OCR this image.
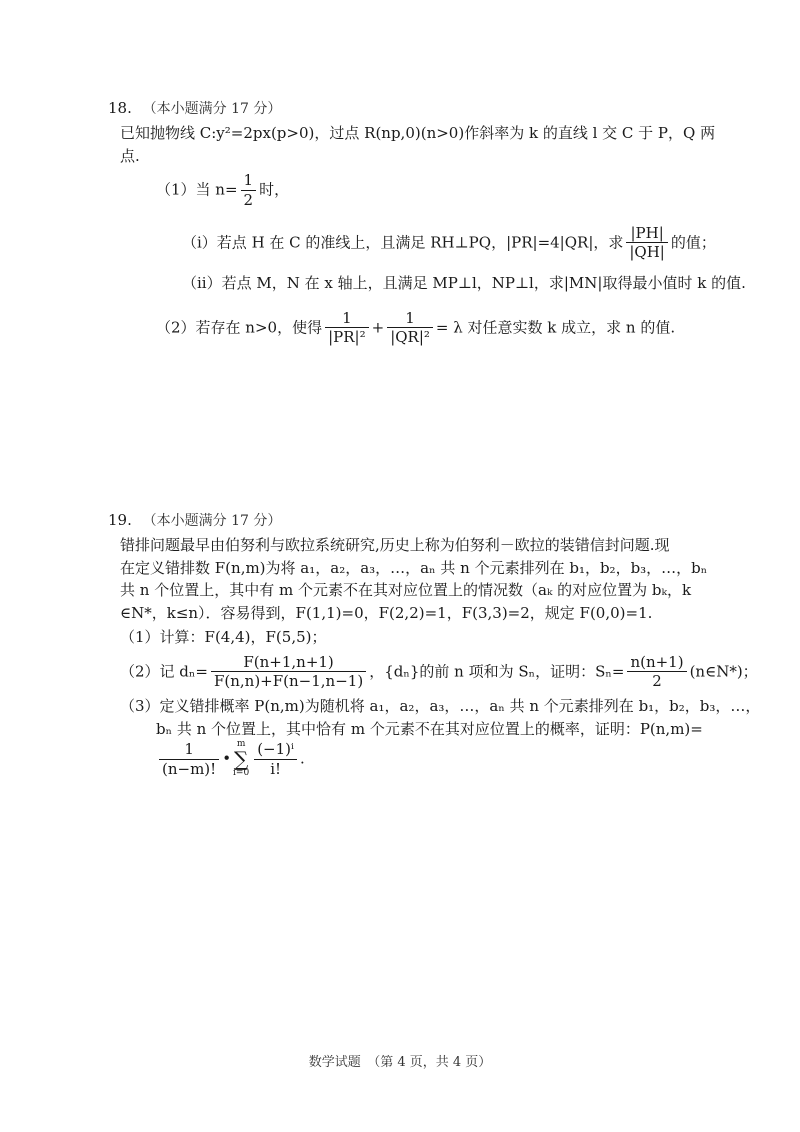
18. （本小题满分 17 分）
已知抛物线 C:y²=2px(p>0)，过点 R(np,0)(n>0)作斜率为 k 的直线 l 交 C 于 P，Q 两
点.
（1）当 $n= \frac{1}{2}$ 时，
（i）若点 H 在 C 的准线上，且满足 RH⊥PQ，|PR|=4|QR|，求 $\frac{|PH|}{|QH|}$ 的值；
（ii）若点 M，N 在 x 轴上，且满足 MP⊥l，NP⊥l，求|MN|取得最小值时 k 的值.
（2）若存在 n>0，使得 $\frac{1}{\text{|PR|²}} + \frac{1}{\text{|QR|²}} = \lambda$ 对任意实数 k 成立，求 n 的值.
19. （本小题满分 17 分）
错排问题最早由伯努利与欧拉系统研究,历史上称为伯努利－欧拉的装错信封问题.现
在定义错排数 F(n,m)为将 a₁，a₂，a₃，…，aₙ 共 n 个元素排列在 b₁，b₂，b₃，…，bₙ
共 n 个位置上，其中有 m 个元素不在其对应位置上的情况数（aₖ 的对应位置为 bₖ，k
∈N*，k≤n）．容易得到，F(1,1)=0，F(2,2)=1，F(3,3)=2，规定 F(0,0)=1.
（1）计算：F(4,4)，F(5,5)；
（2）记 $d_n= \frac{F(n+1,n+1)}{F(n,n)+F(n-1,n-1)}$ ，{dₙ}的前 n 项和为 Sₙ，证明：$S_n= \frac{n(n+1)}{2}$ (n∈N*)；
（3）定义错排概率 P(n,m)为随机将 a₁，a₂，a₃，…，aₙ 共 n 个元素排列在 b₁，b₂，b₃，…，
bₙ 共 n 个位置上，其中恰有 m 个元素不在其对应位置上的概率，证明：P(n,m)=
$\frac{1}{(n-m)!}$ •m
∑
$i=0 \frac{\text{(−1)ⁱ}}{i!}$ .
数学试题　（第 4 页，共 4 页）
